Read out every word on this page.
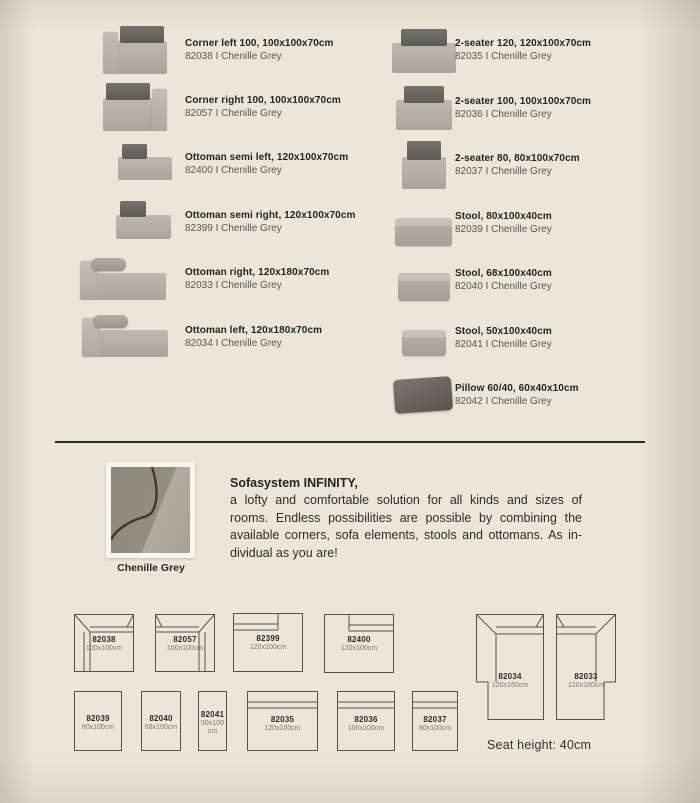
Corner left 100, 100x100x70cm
82038 I Chenille Grey
Corner right 100, 100x100x70cm
82057 I Chenille Grey
Ottoman semi left, 120x100x70cm
82400 I Chenille Grey
Ottoman semi right, 120x100x70cm
82399 I Chenille Grey
Ottoman right, 120x180x70cm
82033 I Chenille Grey
Ottoman left, 120x180x70cm
82034 I Chenille Grey
2-seater 120, 120x100x70cm
82035 I Chenille Grey
2-seater 100, 100x100x70cm
82036 I Chenille Grey
2-seater 80, 80x100x70cm
82037 I Chenille Grey
Stool, 80x100x40cm
82039 I Chenille Grey
Stool, 68x100x40cm
82040 I Chenille Grey
Stool, 50x100x40cm
82041 I Chenille Grey
Pillow 60/40, 60x40x10cm
82042 I Chenille Grey
Chenille Grey
Sofasystem INFINITY,
a lofty and comfortable solution for all kinds and sizes of
rooms. Endless possibilities are possible by combining the
available corners, sofa elements, stools and ottomans. As in-
dividual as you are!
82038
100x100cm
82057
100x100cm
82399
120x100cm
82400
120x100cm
82039
80x100cm
82040
68x100cm
82041
50x100 cm
82035
120x100cm
82036
100x100cm
82037
80x100cm
82034
120x180cm
82033
120x180cm
Seat height: 40cm
